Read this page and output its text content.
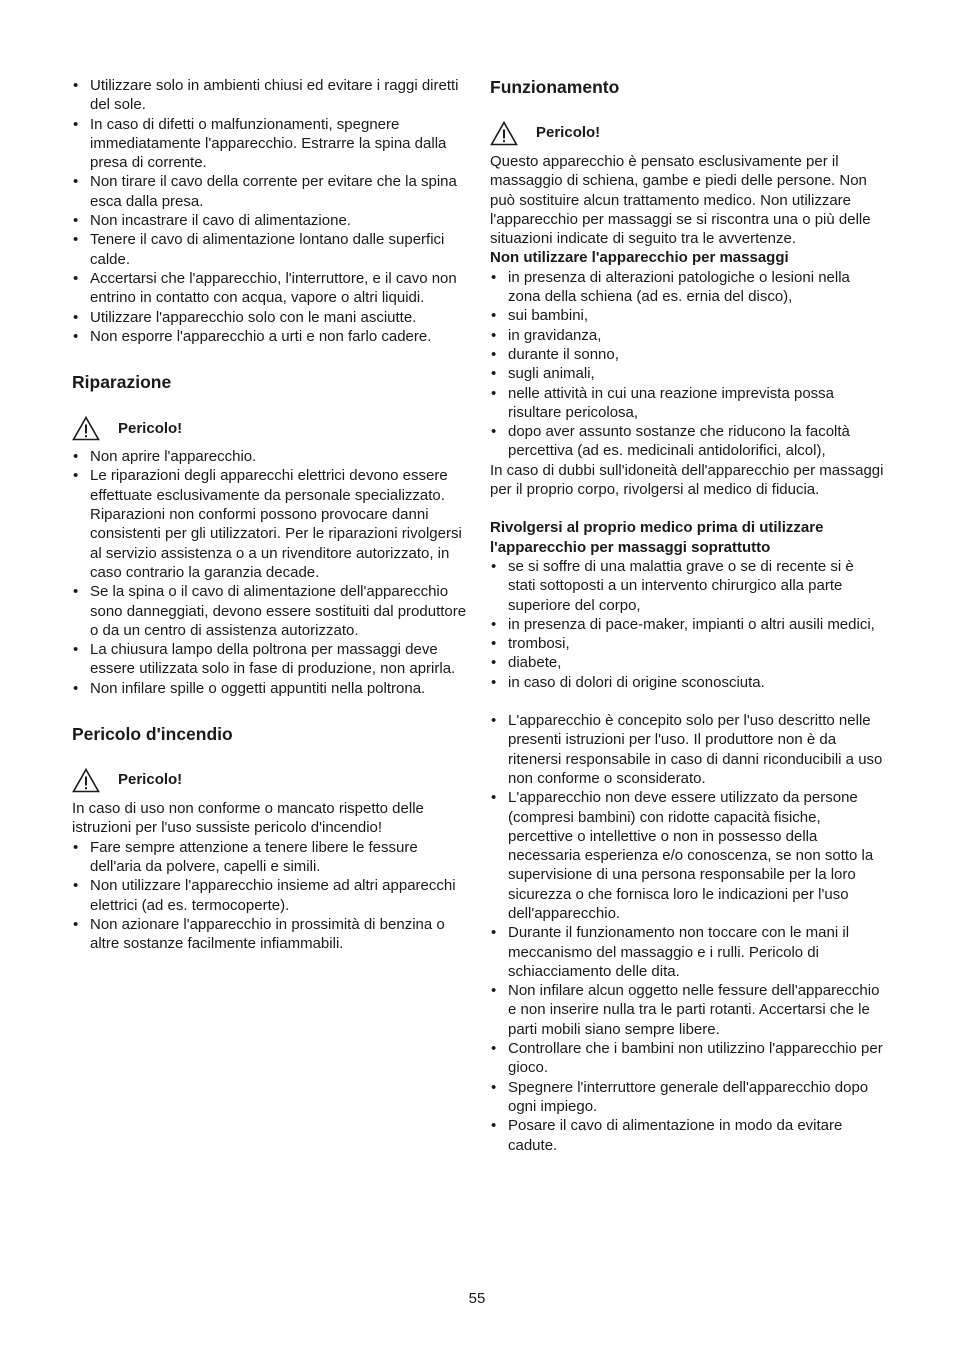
• Utilizzare solo in ambienti chiusi ed evitare i raggi diretti del sole.
• In caso di difetti o malfunzionamenti, spegnere immediatamente l'apparecchio. Estrarre la spina dalla presa di corrente.
• Non tirare il cavo della corrente per evitare che la spina esca dalla presa.
• Non incastrare il cavo di alimentazione.
• Tenere il cavo di alimentazione lontano dalle superfici calde.
• Accertarsi che l'apparecchio, l'interruttore, e il cavo non entrino in contatto con acqua, vapore o altri liquidi.
• Utilizzare l'apparecchio solo con le mani asciutte.
• Non esporre l'apparecchio a urti e non farlo cadere.
Riparazione
Pericolo!
• Non aprire l'apparecchio.
• Le riparazioni degli apparecchi elettrici devono essere effettuate esclusivamente da personale specializzato. Riparazioni non conformi possono provocare danni consistenti per gli utilizzatori. Per le riparazioni rivolgersi al servizio assistenza o a un rivenditore autorizzato, in caso contrario la garanzia decade.
• Se la spina o il cavo di alimentazione dell'apparecchio sono danneggiati, devono essere sostituiti dal produttore o da un centro di assistenza autorizzato.
• La chiusura lampo della poltrona per massaggi deve essere utilizzata solo in fase di produzione, non aprirla.
• Non infilare spille o oggetti appuntiti nella poltrona.
Pericolo d'incendio
Pericolo!

In caso di uso non conforme o mancato rispetto delle istruzioni per l'uso sussiste pericolo d'incendio!

• Fare sempre attenzione a tenere libere le fessure dell'aria da polvere, capelli e simili.
• Non utilizzare l'apparecchio insieme ad altri apparecchi elettrici (ad es. termocoperte).
• Non azionare l'apparecchio in prossimità di benzina o altre sostanze facilmente infiammabili.
Funzionamento
Pericolo!

Questo apparecchio è pensato esclusivamente per il massaggio di schiena, gambe e piedi delle persone. Non può sostituire alcun trattamento medico. Non utilizzare l'apparecchio per massaggi se si riscontra una o più delle situazioni indicate di seguito tra le avvertenze.

Non utilizzare l'apparecchio per massaggi

• in presenza di alterazioni patologiche o lesioni nella zona della schiena (ad es. ernia del disco),
• sui bambini,
• in gravidanza,
• durante il sonno,
• sugli animali,
• nelle attività in cui una reazione imprevista possa risultare pericolosa,
• dopo aver assunto sostanze che riducono la facoltà percettiva (ad es. medicinali antidolorifici, alcol),

In caso di dubbi sull'idoneità dell'apparecchio per massaggi per il proprio corpo, rivolgersi al medico di fiducia.

Rivolgersi al proprio medico prima di utilizzare l'apparecchio per massaggi soprattutto

• se si soffre di una malattia grave o se di recente si è stati sottoposti a un intervento chirurgico alla parte superiore del corpo,
• in presenza di pace-maker, impianti o altri ausili medici,
• trombosi,
• diabete,
• in caso di dolori di origine sconosciuta.
• L'apparecchio è concepito solo per l'uso descritto nelle presenti istruzioni per l'uso. Il produttore non è da ritenersi responsabile in caso di danni riconducibili a uso non conforme o sconsiderato.
• L'apparecchio non deve essere utilizzato da persone (compresi bambini) con ridotte capacità fisiche, percettive o intellettive o non in possesso della necessaria esperienza e/o conoscenza, se non sotto la supervisione di una persona responsabile per la loro sicurezza o che fornisca loro le indicazioni per l'uso dell'apparecchio.
• Durante il funzionamento non toccare con le mani il meccanismo del massaggio e i rulli. Pericolo di schiacciamento delle dita.
• Non infilare alcun oggetto nelle fessure dell'apparecchio e non inserire nulla tra le parti rotanti. Accertarsi che le parti mobili siano sempre libere.
• Controllare che i bambini non utilizzino l'apparecchio per gioco.
• Spegnere l'interruttore generale dell'apparecchio dopo ogni impiego.
• Posare il cavo di alimentazione in modo da evitare cadute.
55
